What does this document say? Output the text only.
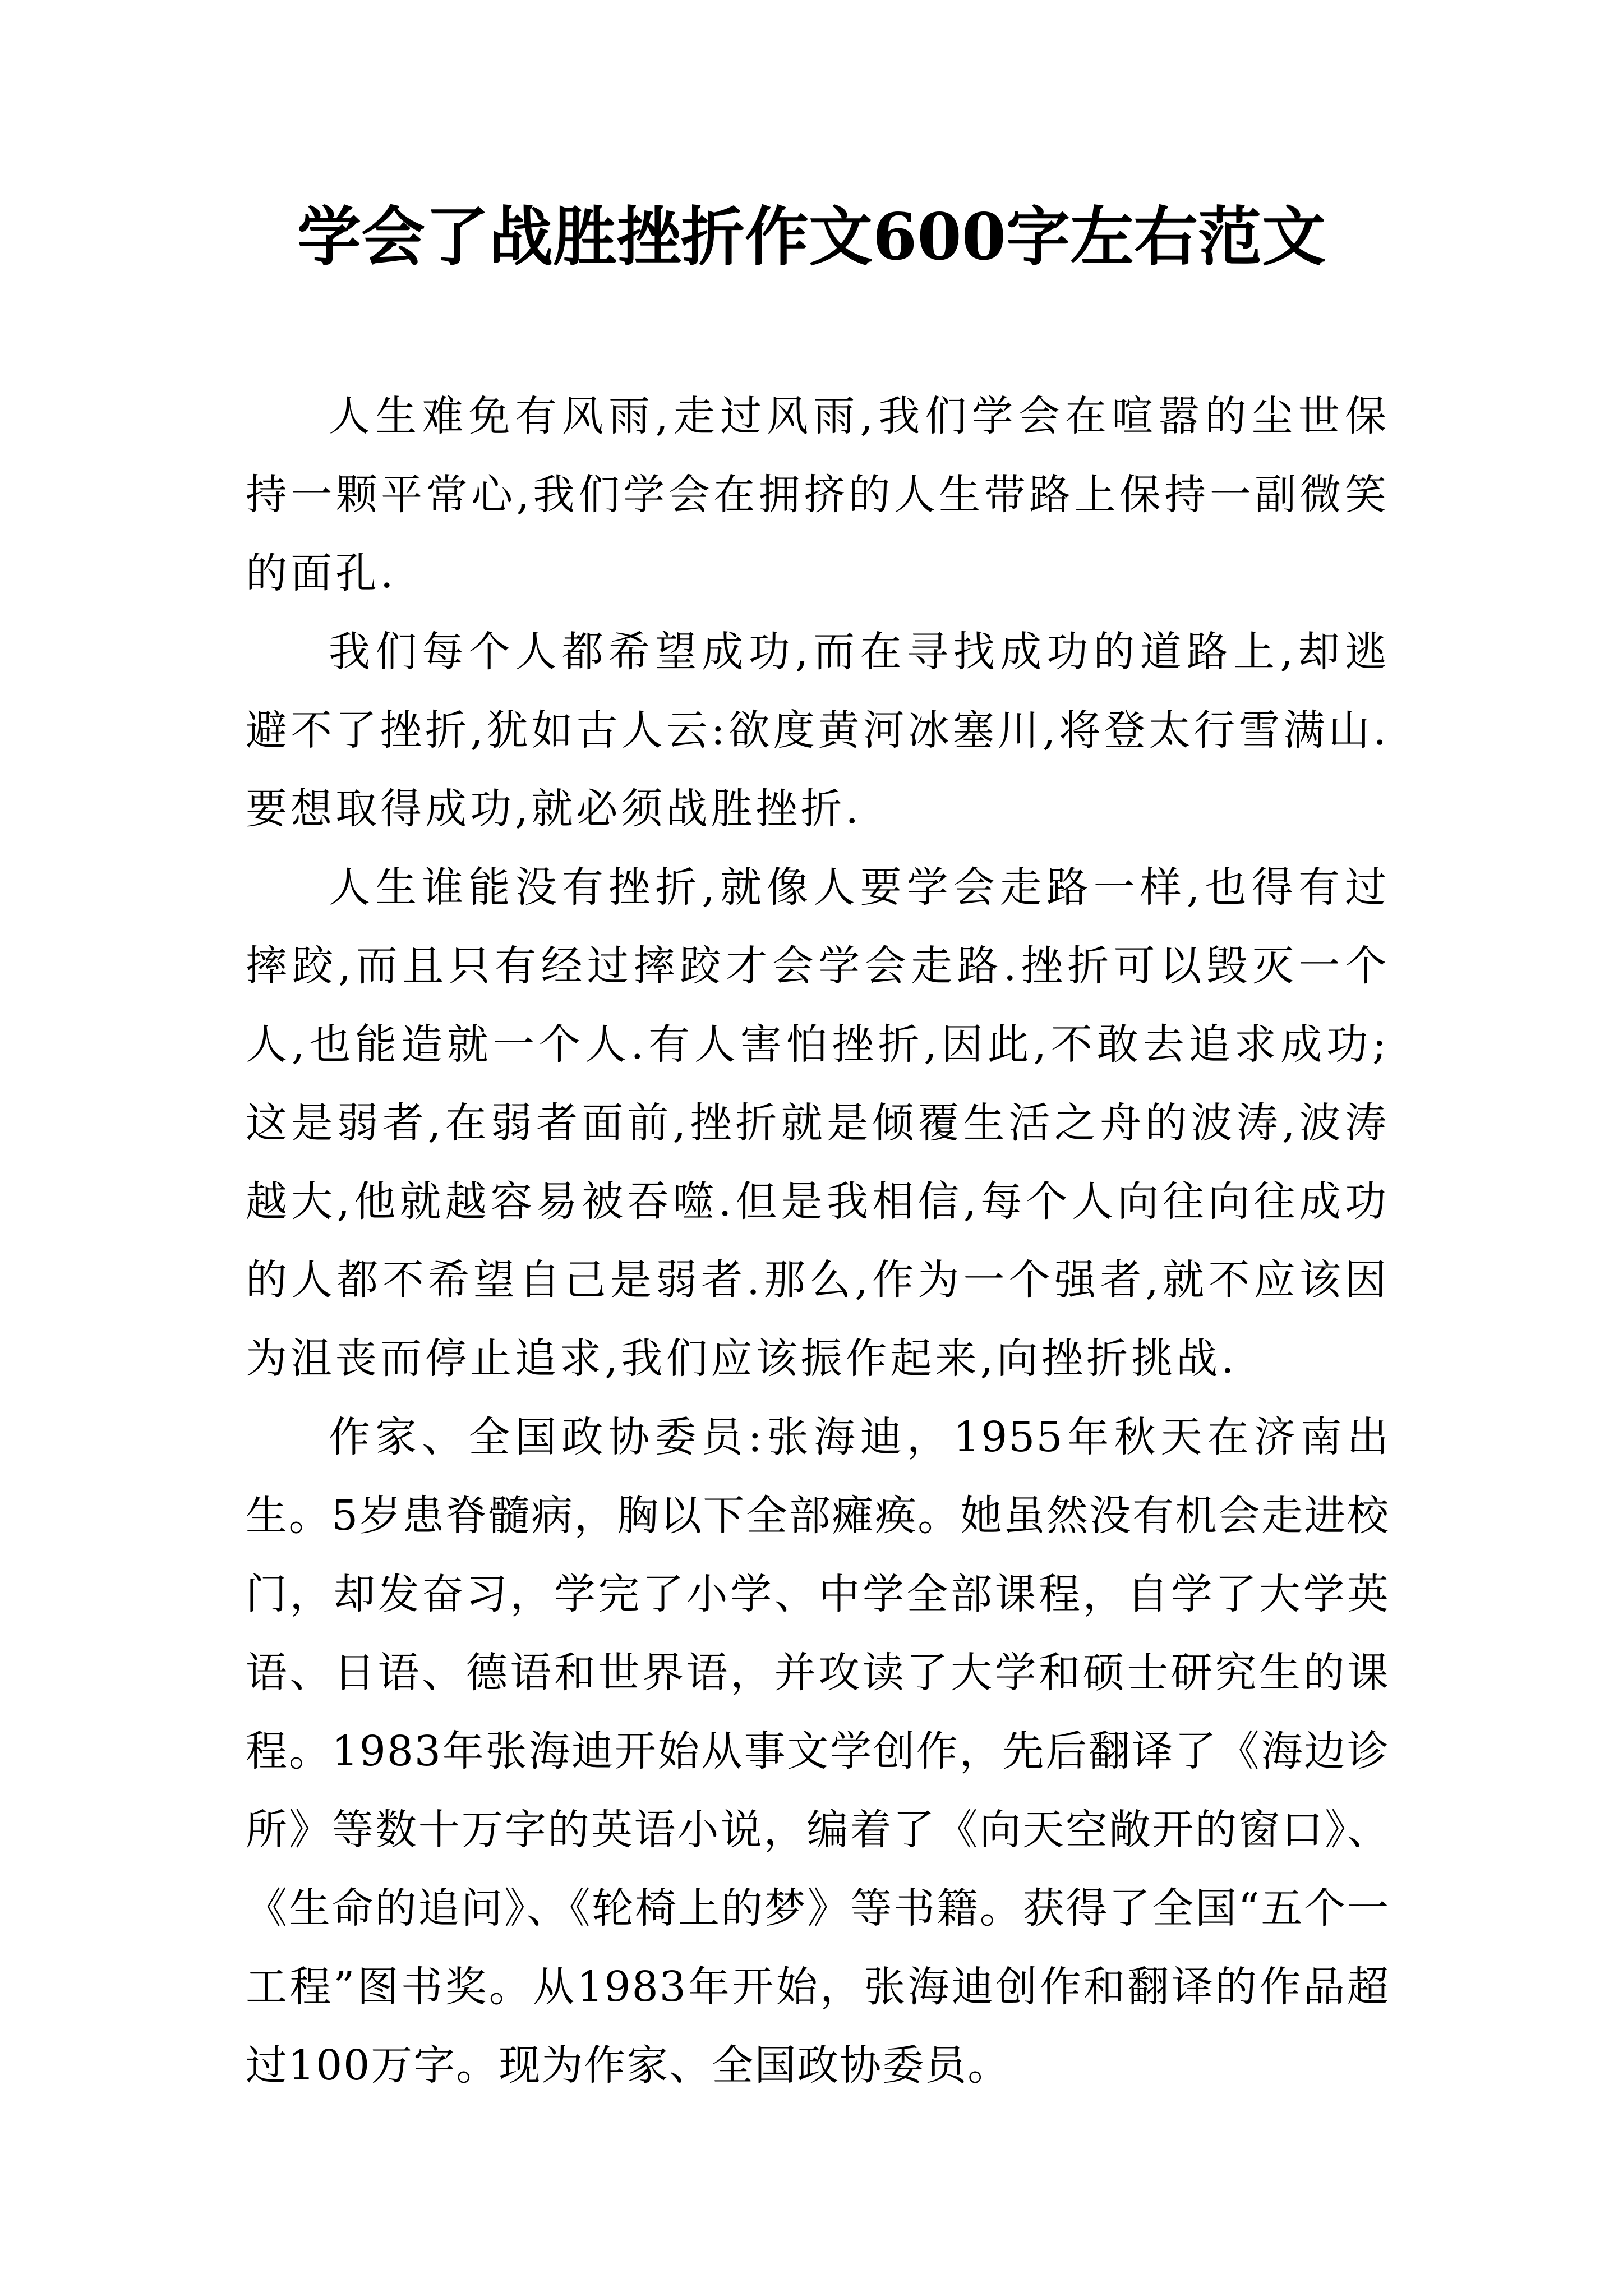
学会了战胜挫折作文600字左右范文

人生难免有风雨,走过风雨,我们学会在喧嚣的尘世保持一颗平常心,我们学会在拥挤的人生带路上保持一副微笑的面孔.

我们每个人都希望成功,而在寻找成功的道路上,却逃避不了挫折,犹如古人云:欲度黄河冰塞川,将登太行雪满山.要想取得成功,就必须战胜挫折.

人生谁能没有挫折,就像人要学会走路一样,也得有过摔跤,而且只有经过摔跤才会学会走路.挫折可以毁灭一个人,也能造就一个人.有人害怕挫折,因此,不敢去追求成功;这是弱者,在弱者面前,挫折就是倾覆生活之舟的波涛,波涛越大,他就越容易被吞噬.但是我相信,每个人向往向往成功的人都不希望自己是弱者.那么,作为一个强者,就不应该因为沮丧而停止追求,我们应该振作起来,向挫折挑战.

作家、全国政协委员:张海迪，1955年秋天在济南出生。5岁患脊髓病，胸以下全部瘫痪。她虽然没有机会走进校门，却发奋习，学完了小学、中学全部课程，自学了大学英语、日语、德语和世界语，并攻读了大学和硕士研究生的课程。1983年张海迪开始从事文学创作，先后翻译了《海边诊所》等数十万字的英语小说，编着了《向天空敞开的窗口》、《生命的追问》、《轮椅上的梦》等书籍。获得了全国“五个一工程”图书奖。从1983年开始，张海迪创作和翻译的作品超过100万字。现为作家、全国政协委员。
